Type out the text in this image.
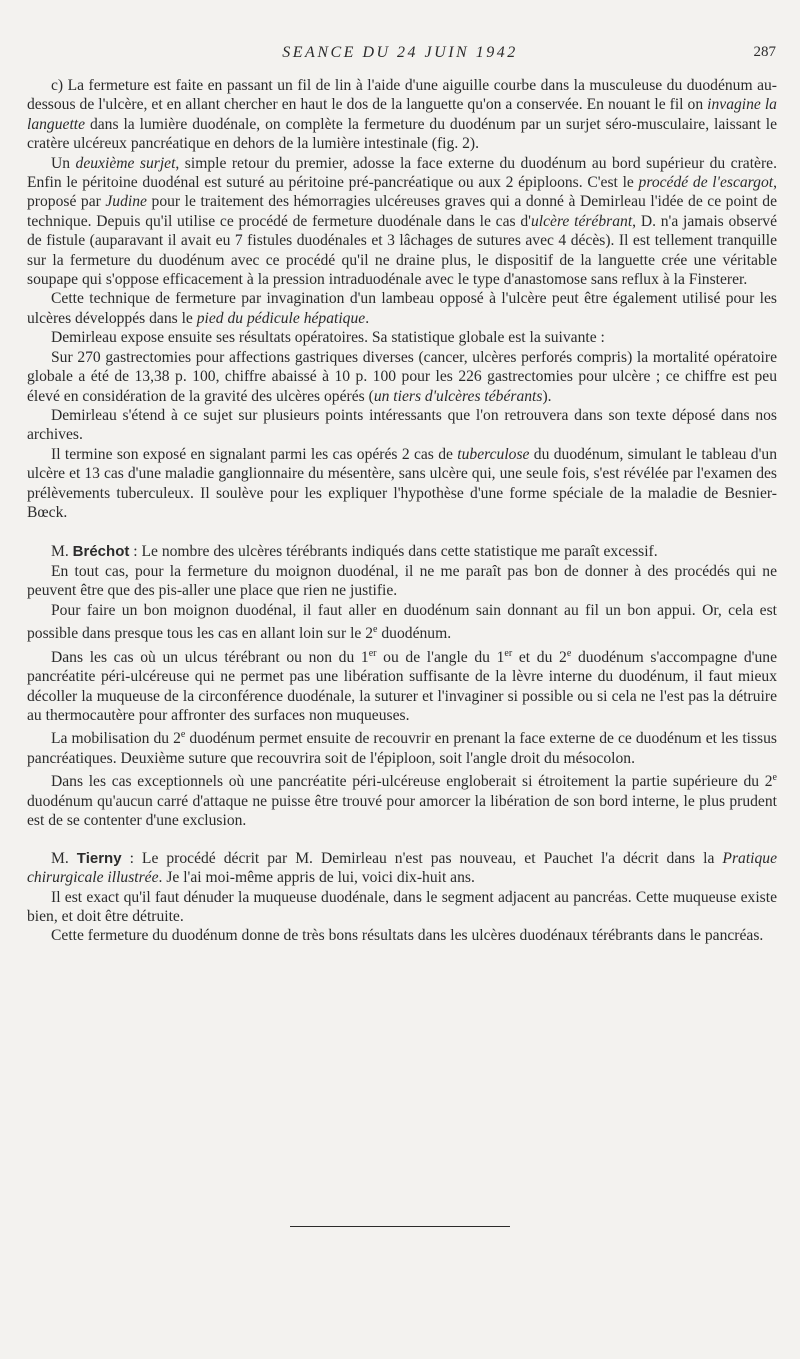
SEANCE DU 24 JUIN 1942	287

c) La fermeture est faite en passant un fil de lin à l'aide d'une aiguille courbe dans la musculeuse du duodénum au-dessous de l'ulcère, et en allant chercher en haut le dos de la languette qu'on a conservée. En nouant le fil on invagine la languette dans la lumière duodénale, on complète la fermeture du duodénum par un surjet séro-musculaire, laissant le cratère ulcéreux pancréatique en dehors de la lumière intestinale (fig. 2).

Un deuxième surjet, simple retour du premier, adosse la face externe du duodénum au bord supérieur du cratère. Enfin le péritoine duodénal est suturé au péritoine pré-pancréatique ou aux 2 épiploons. C'est le procédé de l'escargot, proposé par Judine pour le traitement des hémorragies ulcéreuses graves qui a donné à Demirleau l'idée de ce point de technique. Depuis qu'il utilise ce procédé de fermeture duodénale dans le cas d'ulcère térébrant, D. n'a jamais observé de fistule (auparavant il avait eu 7 fistules duodénales et 3 lâchages de sutures avec 4 décès). Il est tellement tranquille sur la fermeture du duodénum avec ce procédé qu'il ne draine plus, le dispositif de la languette crée une véritable soupape qui s'oppose efficacement à la pression intraduodénale avec le type d'anastomose sans reflux à la Finsterer.

Cette technique de fermeture par invagination d'un lambeau opposé à l'ulcère peut être également utilisé pour les ulcères développés dans le pied du pédicule hépatique.

Demirleau expose ensuite ses résultats opératoires. Sa statistique globale est la suivante :

Sur 270 gastrectomies pour affections gastriques diverses (cancer, ulcères perforés compris) la mortalité opératoire globale a été de 13,38 p. 100, chiffre abaissé à 10 p. 100 pour les 226 gastrectomies pour ulcère ; ce chiffre est peu élevé en considération de la gravité des ulcères opérés (un tiers d'ulcères tébérants).

Demirleau s'étend à ce sujet sur plusieurs points intéressants que l'on retrouvera dans son texte déposé dans nos archives.

Il termine son exposé en signalant parmi les cas opérés 2 cas de tuberculose du duodénum, simulant le tableau d'un ulcère et 13 cas d'une maladie ganglionnaire du mésentère, sans ulcère qui, une seule fois, s'est révélée par l'examen des prélèvements tuberculeux. Il soulève pour les expliquer l'hypothèse d'une forme spéciale de la maladie de Besnier-Bœck.

M. Bréchot : Le nombre des ulcères térébrants indiqués dans cette statistique me paraît excessif.

En tout cas, pour la fermeture du moignon duodénal, il ne me paraît pas bon de donner à des procédés qui ne peuvent être que des pis-aller une place que rien ne justifie.

Pour faire un bon moignon duodénal, il faut aller en duodénum sain donnant au fil un bon appui. Or, cela est possible dans presque tous les cas en allant loin sur le 2e duodénum.

Dans les cas où un ulcus térébrant ou non du 1er ou de l'angle du 1er et du 2e duodénum s'accompagne d'une pancréatite péri-ulcéreuse qui ne permet pas une libération suffisante de la lèvre interne du duodénum, il faut mieux décoller la muqueuse de la circonférence duodénale, la suturer et l'invaginer si possible ou si cela ne l'est pas la détruire au thermocautère pour affronter des surfaces non muqueuses.

La mobilisation du 2e duodénum permet ensuite de recouvrir en prenant la face externe de ce duodénum et les tissus pancréatiques. Deuxième suture que recouvrira soit de l'épiploon, soit l'angle droit du mésocolon.

Dans les cas exceptionnels où une pancréatite péri-ulcéreuse engloberait si étroitement la partie supérieure du 2e duodénum qu'aucun carré d'attaque ne puisse être trouvé pour amorcer la libération de son bord interne, le plus prudent est de se contenter d'une exclusion.

M. Tierny : Le procédé décrit par M. Demirleau n'est pas nouveau, et Pauchet l'a décrit dans la Pratique chirurgicale illustrée. Je l'ai moi-même appris de lui, voici dix-huit ans.

Il est exact qu'il faut dénuder la muqueuse duodénale, dans le segment adjacent au pancréas. Cette muqueuse existe bien, et doit être détruite.

Cette fermeture du duodénum donne de très bons résultats dans les ulcères duodénaux térébrants dans le pancréas.
